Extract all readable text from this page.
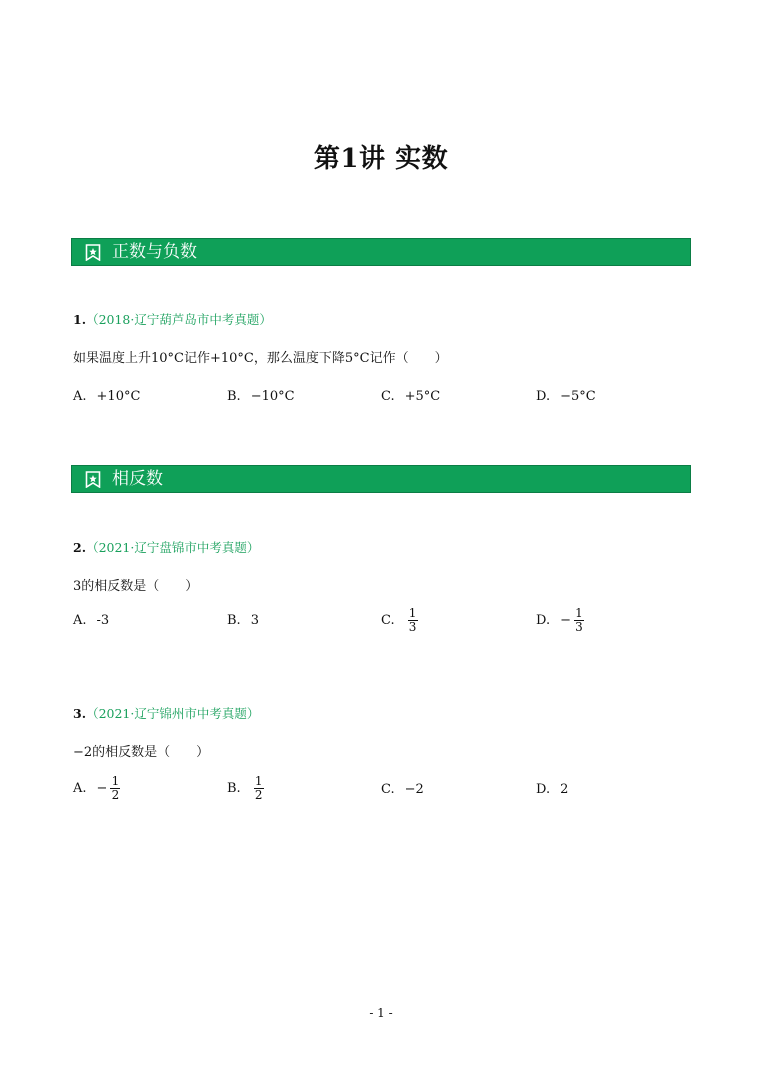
第1讲 实数
正数与负数
1.（2018·辽宁葫芦岛市中考真题）
如果温度上升10°C记作+10°C，那么温度下降5°C记作（　　）
A. +10°C	B. −10°C	C. +5°C	D. −5°C
相反数
2.（2021·辽宁盘锦市中考真题）
3的相反数是（　　）
A. -3	B. 3	C. $\frac{1}{3}$	D. − $\frac{1}{3}$
3.（2021·辽宁锦州市中考真题）
−2的相反数是（　　）
A. − $\frac{1}{2}$	B. $\frac{1}{2}$	C. −2	D. 2
- 1 -
